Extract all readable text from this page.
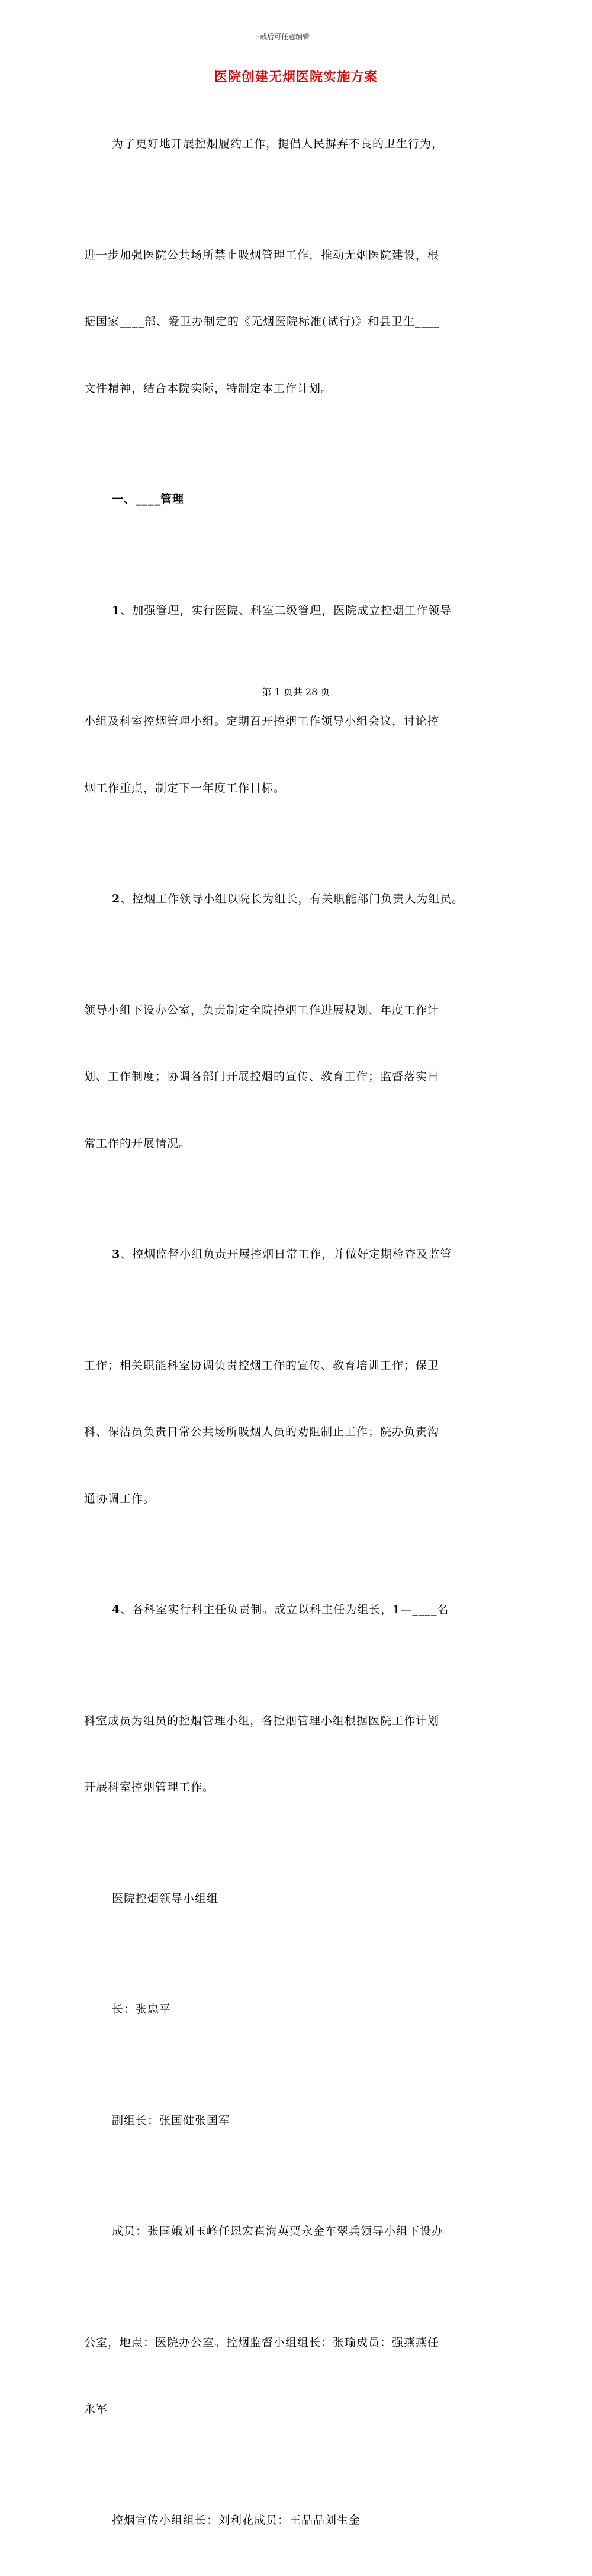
下载后可任意编辑
医院创建无烟医院实施方案

为了更好地开展控烟履约工作，提倡人民摒弃不良的卫生行为，

进一步加强医院公共场所禁止吸烟管理工作，推动无烟医院建设，根

据国家____部、爱卫办制定的《无烟医院标准(试行)》和县卫生____

文件精神，结合本院实际，特制定本工作计划。

一、____管理

1、加强管理，实行医院、科室二级管理，医院成立控烟工作领导

小组及科室控烟管理小组。定期召开控烟工作领导小组会议，讨论控

烟工作重点，制定下一年度工作目标。

2、控烟工作领导小组以院长为组长，有关职能部门负责人为组员。

领导小组下设办公室，负责制定全院控烟工作进展规划、年度工作计

划、工作制度；协调各部门开展控烟的宣传、教育工作；监督落实日

常工作的开展情况。

3、控烟监督小组负责开展控烟日常工作，并做好定期检查及监管

工作；相关职能科室协调负责控烟工作的宣传、教育培训工作；保卫

科、保洁员负责日常公共场所吸烟人员的劝阻制止工作；院办负责沟

通协调工作。

4、各科室实行科主任负责制。成立以科主任为组长，1—____名

科室成员为组员的控烟管理小组，各控烟管理小组根据医院工作计划

开展科室控烟管理工作。

医院控烟领导小组组

长：张忠平

副组长：张国健张国军

成员：张国娥刘玉峰任恩宏崔海英贾永金车翠兵领导小组下设办

公室，地点：医院办公室。控烟监督小组组长：张瑜成员：强燕燕任

永军

控烟宣传小组组长：刘利花成员：王晶晶刘生金

第 1 页共 28 页
